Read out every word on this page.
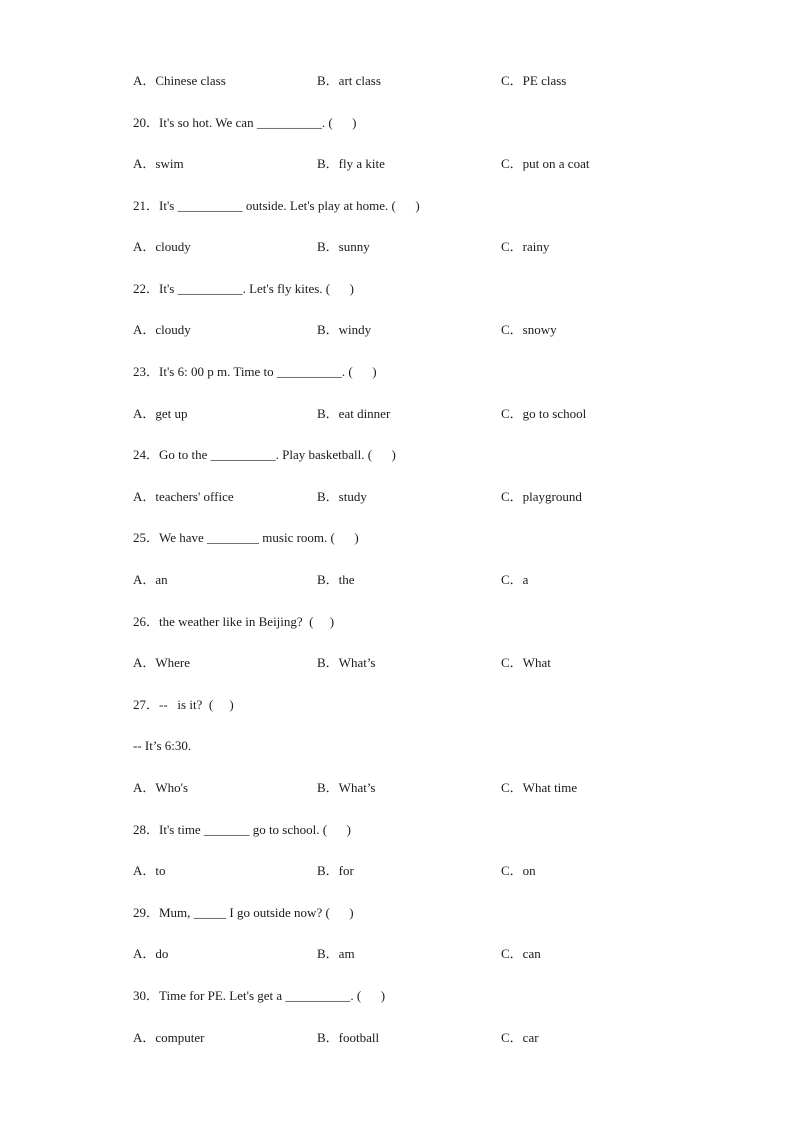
A．Chinese class	B．art class	C．PE class
20．It's so hot. We can __________. (      )
A．swim	B．fly a kite	C．put on a coat
21．It's __________ outside. Let's play at home. (      )
A．cloudy	B．sunny	C．rainy
22．It's __________. Let's fly kites. (      )
A．cloudy	B．windy	C．snowy
23．It's 6: 00 p m. Time to __________. (      )
A．get up	B．eat dinner	C．go to school
24．Go to the __________. Play basketball. (      )
A．teachers' office	B．study	C．playground
25．We have ________ music room. (      )
A．an	B．the	C．a
26．the weather like in Beijing?  (     )
A．Where	B．What’s	C．What
27．--   is it?  (     )
-- It’s 6:30.
A．Who's	B．What’s	C．What time
28．It's time _______ go to school. (      )
A．to	B．for	C．on
29．Mum, _____ I go outside now? (      )
A．do	B．am	C．can
30．Time for PE. Let's get a __________. (      )
A．computer	B．football	C．car
